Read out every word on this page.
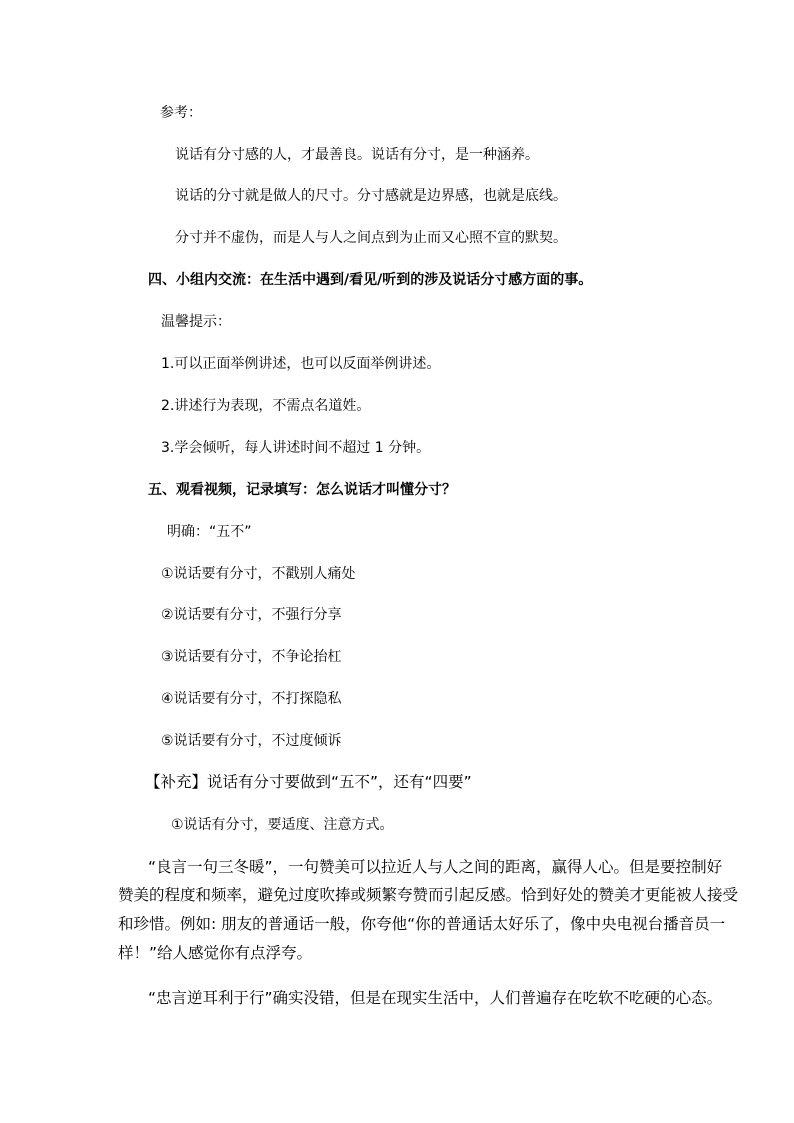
参考：
说话有分寸感的人，才最善良。说话有分寸，是一种涵养。
说话的分寸就是做人的尺寸。分寸感就是边界感，也就是底线。
分寸并不虚伪，而是人与人之间点到为止而又心照不宣的默契。
四、小组内交流：在生活中遇到/看见/听到的涉及说话分寸感方面的事。
温馨提示：
1.可以正面举例讲述，也可以反面举例讲述。
2.讲述行为表现，不需点名道姓。
3.学会倾听，每人讲述时间不超过 1 分钟。
五、观看视频，记录填写：怎么说话才叫懂分寸？
明确：“五不”
①说话要有分寸，不戳别人痛处
②说话要有分寸，不强行分享
③说话要有分寸，不争论抬杠
④说话要有分寸，不打探隐私
⑤说话要有分寸，不过度倾诉
【补充】说话有分寸要做到“五不”，还有“四要”
①说话有分寸，要适度、注意方式。
“良言一句三冬暖”，一句赞美可以拉近人与人之间的距离，赢得人心。但是要控制好
赞美的程度和频率，避免过度吹捧或频繁夸赞而引起反感。恰到好处的赞美才更能被人接受
和珍惜。例如: 朋友的普通话一般，你夸他“你的普通话太好乐了，像中央电视台播音员一
样！”给人感觉你有点浮夸。
“忠言逆耳利于行”确实没错，但是在现实生活中，人们普遍存在吃软不吃硬的心态。
